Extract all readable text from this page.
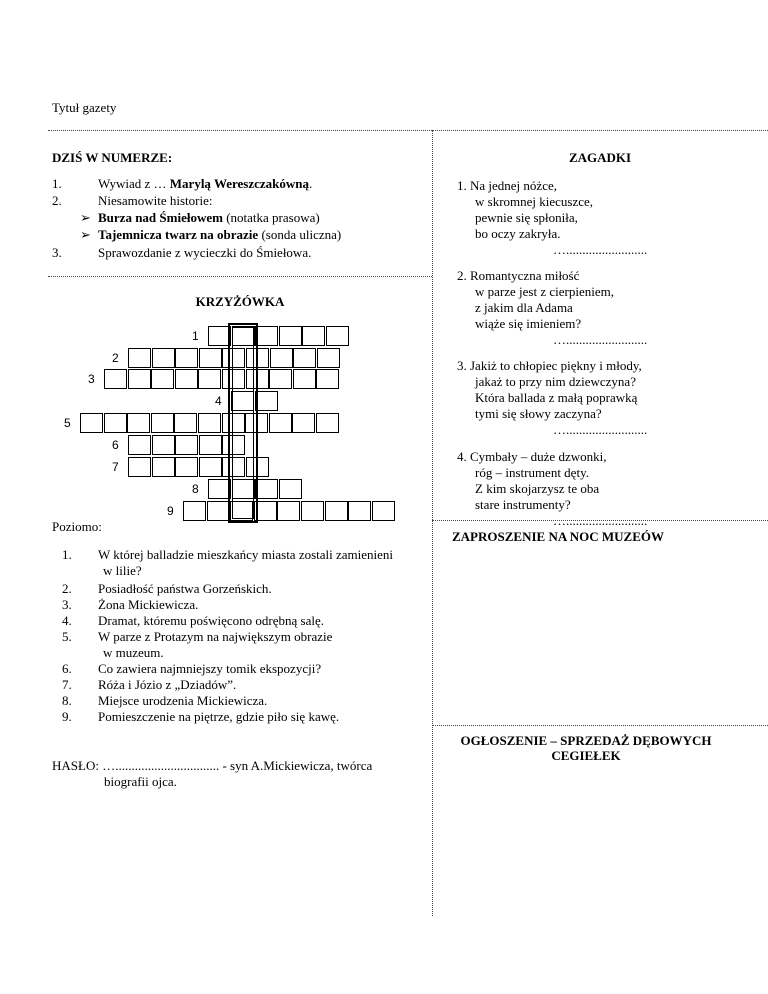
Tytuł gazety
DZIŚ W NUMERZE:
1.	Wywiad z … Marylą Wereszczakówną.
2.	Niesamowite historie:
➢ Burza nad Śmiełowem (notatka prasowa)
➢ Tajemnicza twarz na obrazie (sonda uliczna)
3.	Sprawozdanie z wycieczki do Śmiełowa.
KRZYŻÓWKA
1
2
3
4
5
6
7
8
9
Poziomo:
1. W której balladzie mieszkańcy miasta zostali zamienieni
w lilie?
2. Posiadłość państwa Gorzeńskich.
3. Żona Mickiewicza.
4. Dramat, któremu poświęcono odrębną salę.
5. W parze z Protazym na największym obrazie
w muzeum.
6. Co zawiera najmniejszy tomik ekspozycji?
7. Róża i Józio z „Dziadów”.
8. Miejsce urodzenia Mickiewicza.
9. Pomieszczenie na piętrze, gdzie piło się kawę.
HASŁO: …................................ - syn A.Mickiewicza, twórca
biografii ojca.
ZAGADKI
1. Na jednej nóżce,
w skromnej kiecuszce,
pewnie się spłoniła,
bo oczy zakryła.
….........................
2. Romantyczna miłość
w parze jest z cierpieniem,
z jakim dla Adama
wiąże się imieniem?
….........................
3. Jakiż to chłopiec piękny i młody,
jakaż to przy nim dziewczyna?
Która ballada z małą poprawką
tymi się słowy zaczyna?
….........................
4. Cymbały – duże dzwonki,
róg – instrument dęty.
Z kim skojarzysz te oba
stare instrumenty?
….........................
ZAPROSZENIE NA NOC MUZEÓW
OGŁOSZENIE – SPRZEDAŻ DĘBOWYCH
CEGIEŁEK
